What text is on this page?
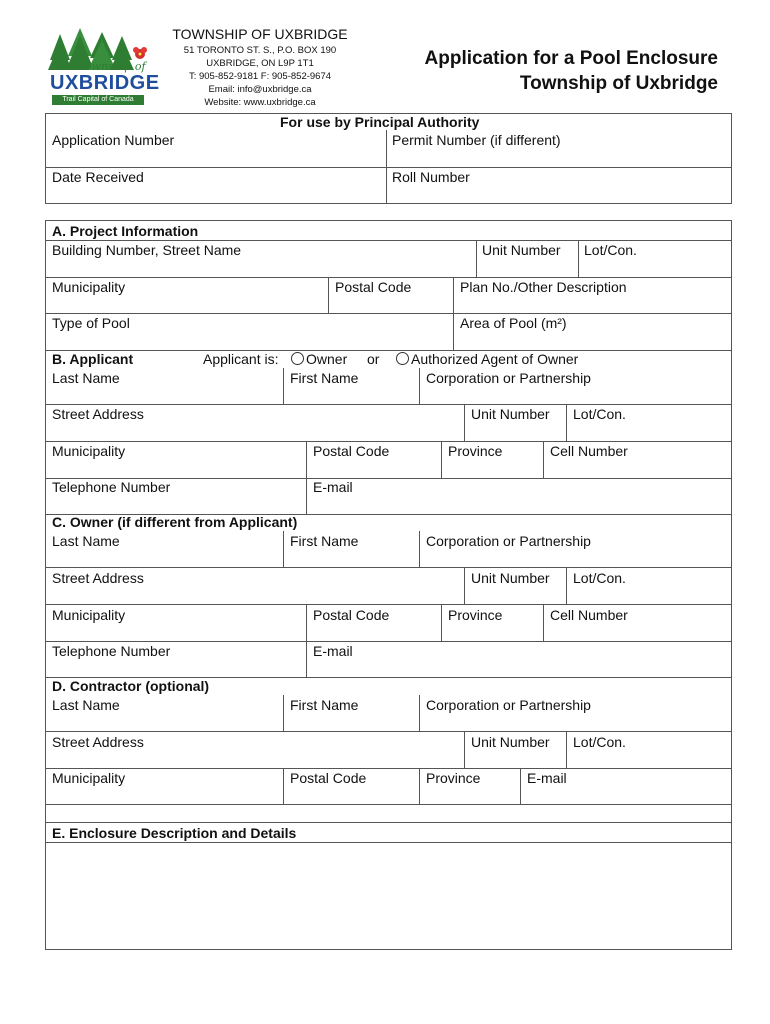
The Township of
UXBRIDGE
Trail Capital of Canada
TOWNSHIP OF UXBRIDGE
51 TORONTO ST. S., P.O. BOX 190
UXBRIDGE, ON L9P 1T1
T: 905-852-9181 F: 905-852-9674
Email: info@uxbridge.ca
Website: www.uxbridge.ca
Application for a Pool Enclosure
Township of Uxbridge
For use by Principal Authority
Application Number	Permit Number (if different)
Date Received	Roll Number
A. Project Information
Building Number, Street Name	Unit Number Lot/Con.
Municipality	Postal Code	Plan No./Other Description
Type of Pool	Area of Pool (m²)
B. Applicant	Applicant is:	Owner or	Authorized Agent of Owner
Last Name	First Name	Corporation or Partnership
Street Address	Unit Number Lot/Con.
Municipality	Postal Code	Province	Cell Number
Telephone Number	E-mail
C. Owner (if different from Applicant)
Last Name	First Name	Corporation or Partnership
Street Address	Unit Number Lot/Con.
Municipality	Postal Code	Province	Cell Number
Telephone Number	E-mail
D. Contractor (optional)
Last Name	First Name	Corporation or Partnership
Street Address	Unit Number Lot/Con.
Municipality	Postal Code	Province	E-mail
E. Enclosure Description and Details
